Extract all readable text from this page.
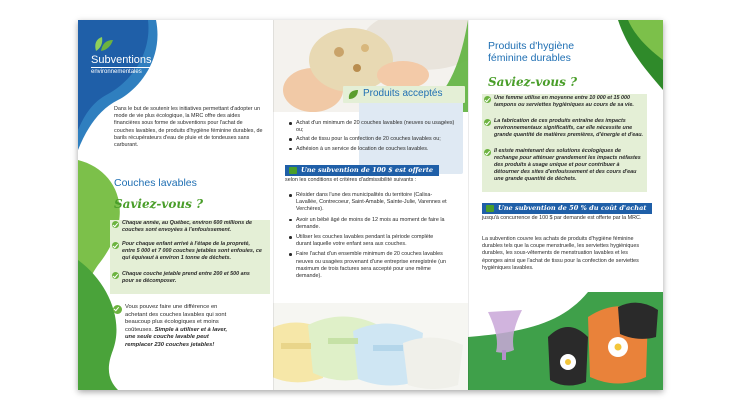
Subventions
environnementales
Dans le but de soutenir les initiatives permettant d'adopter un mode de vie plus écologique, la MRC offre des aides financières sous forme de subventions pour l'achat de couches lavables, de produits d'hygiène féminine durables, de barils récupérateurs d'eau de pluie et de tondeuses sans carburant.
Couches lavables
Saviez-vous ?
Chaque année, au Québec, environ 600 millions de couches sont envoyées à l'enfouissement.
Pour chaque enfant arrivé à l'étape de la propreté, entre 5 000 et 7 000 couches jetables sont enfouies, ce qui équivaut à environ 1 tonne de déchets.
Chaque couche jetable prend entre 200 et 500 ans pour se décomposer.
Vous pouvez faire une différence en achetant des couches lavables qui sont beaucoup plus écologiques et moins coûteuses. Simple à utiliser et à laver, une seule couche lavable peut remplacer 230 couches jetables!
Produits acceptés
Achat d'un minimum de 20 couches lavables (neuves ou usagées) ou;
Achat de tissu pour la confection de 20 couches lavables ou;
Adhésion à un service de location de couches lavables.
Une subvention de 100 $ est offerte
selon les conditions et critères d'admissibilité suivants :
Résider dans l'une des municipalités du territoire (Calixa-Lavallée, Contrecoeur, Saint-Amable, Sainte-Julie, Varennes et Verchères).
Avoir un bébé âgé de moins de 12 mois au moment de faire la demande.
Utiliser les couches lavables pendant la période complète durant laquelle votre enfant sera aux couches.
Faire l'achat d'un ensemble minimum de 20 couches lavables neuves ou usagées provenant d'une entreprise enregistrée (un maximum de trois factures sera accepté pour une même demande).
Produits d'hygiène
féminine durables
Saviez-vous ?
Une femme utilise en moyenne entre 10 000 et 15 000 tampons ou serviettes hygiéniques au cours de sa vie.
La fabrication de ces produits entraîne des impacts environnementaux significatifs, car elle nécessite une grande quantité de matières premières, d'énergie et d'eau.
Il existe maintenant des solutions écologiques de rechange pour atténuer grandement les impacts néfastes des produits à usage unique et pour contribuer à détourner des sites d'enfouissement et des cours d'eau une grande quantité de déchets.
Une subvention de 50 % du coût d'achat
jusqu'à concurrence de 100 $ par demande est offerte par la MRC.
La subvention couvre les achats de produits d'hygiène féminine durables tels que la coupe menstruelle, les serviettes hygiéniques durables, les sous-vêtements de menstruation lavables et les éponges ainsi que l'achat de tissu pour la confection de serviettes hygiéniques lavables.
